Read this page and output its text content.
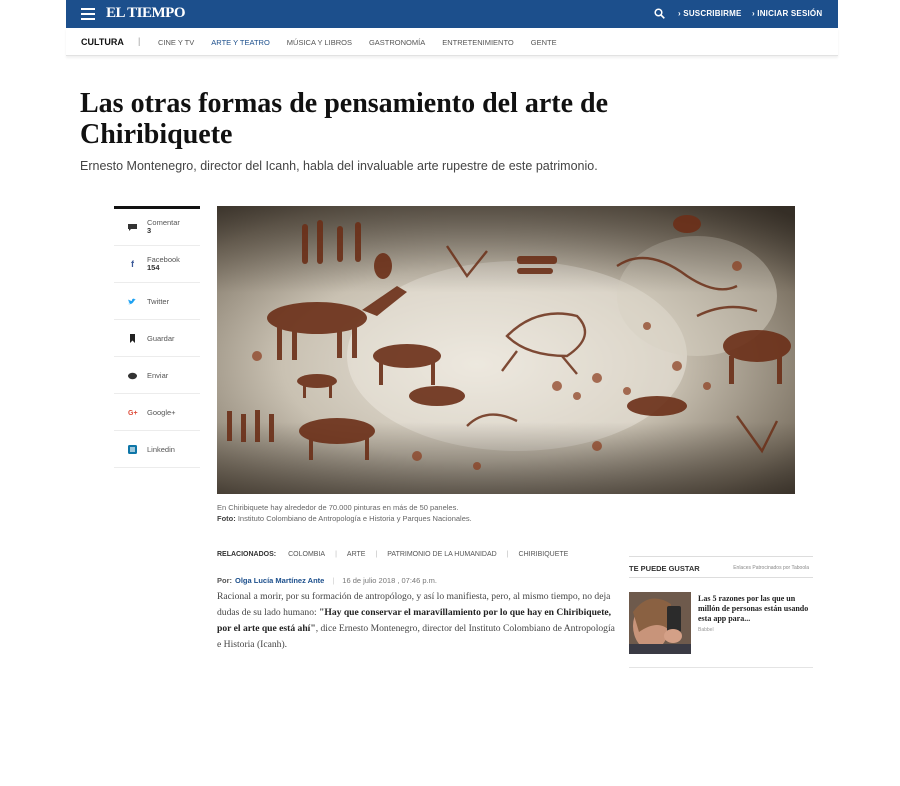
EL TIEMPO	› SUSCRIBIRME › INICIAR SESIÓN
CULTURA | CINE Y TV ARTE Y TEATRO MÚSICA Y LIBROS GASTRONOMÍA ENTRETENIMIENTO GENTE
Las otras formas de pensamiento del arte de Chiribiquete

Ernesto Montenegro, director del Icanh, habla del invaluable arte rupestre de este patrimonio.

Comentar
3
f	Facebook
154
Twitter
Guardar
Enviar
G+ Google+
Linkedin
En Chiribiquete hay alrededor de 70.000 pinturas en más de 50 paneles.
Foto: Instituto Colombiano de Antropología e Historia y Parques Nacionales.
RELACIONADOS: COLOMBIA | ARTE | PATRIMONIO DE LA HUMANIDAD | CHIRIBIQUETE
Por: Olga Lucía Martínez Ante | 16 de julio 2018 , 07:46 p.m.

Racional a morir, por su formación de antropólogo, y así lo manifiesta, pero, al mismo tiempo, no deja dudas de su lado humano: "Hay que conservar el maravillamiento por lo que hay en Chiribiquete, por el arte que está ahí", dice Ernesto Montenegro, director del Instituto Colombiano de Antropología e Historia (Icanh).

TE PUEDE GUSTAR	Enlaces Patrocinados por Taboola
Las 5 razones por las que un millón de personas están usando esta app para...
Babbel
